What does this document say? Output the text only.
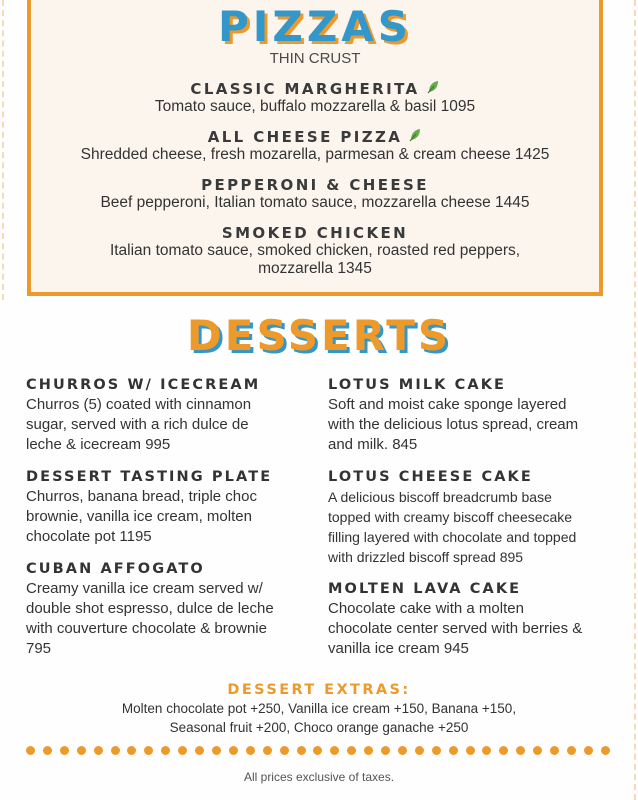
PIZZAS
THIN CRUST
CLASSIC MARGHERITA
Tomato sauce, buffalo mozzarella & basil 1095
ALL CHEESE PIZZA
Shredded cheese, fresh mozarella, parmesan & cream cheese 1425
PEPPERONI & CHEESE
Beef pepperoni, Italian tomato sauce, mozzarella cheese 1445
SMOKED CHICKEN
Italian tomato sauce, smoked chicken, roasted red peppers,
mozzarella 1345
DESSERTS
CHURROS W/ ICECREAM
Churros (5) coated with cinnamon
sugar, served with a rich dulce de
leche & icecream 995
DESSERT TASTING PLATE
Churros, banana bread, triple choc
brownie, vanilla ice cream, molten
chocolate pot 1195
CUBAN AFFOGATO
Creamy vanilla ice cream served w/
double shot espresso, dulce de leche
with couverture chocolate & brownie
795
LOTUS MILK CAKE
Soft and moist cake sponge layered
with the delicious lotus spread, cream
and milk. 845
LOTUS CHEESE CAKE
A delicious biscoff breadcrumb base
topped with creamy biscoff cheesecake
filling layered with chocolate and topped
with drizzled biscoff spread 895
MOLTEN LAVA CAKE
Chocolate cake with a molten
chocolate center served with berries &
vanilla ice cream 945
DESSERT EXTRAS:
Molten chocolate pot +250, Vanilla ice cream +150, Banana +150,
Seasonal fruit +200, Choco orange ganache +250
All prices exclusive of taxes.
